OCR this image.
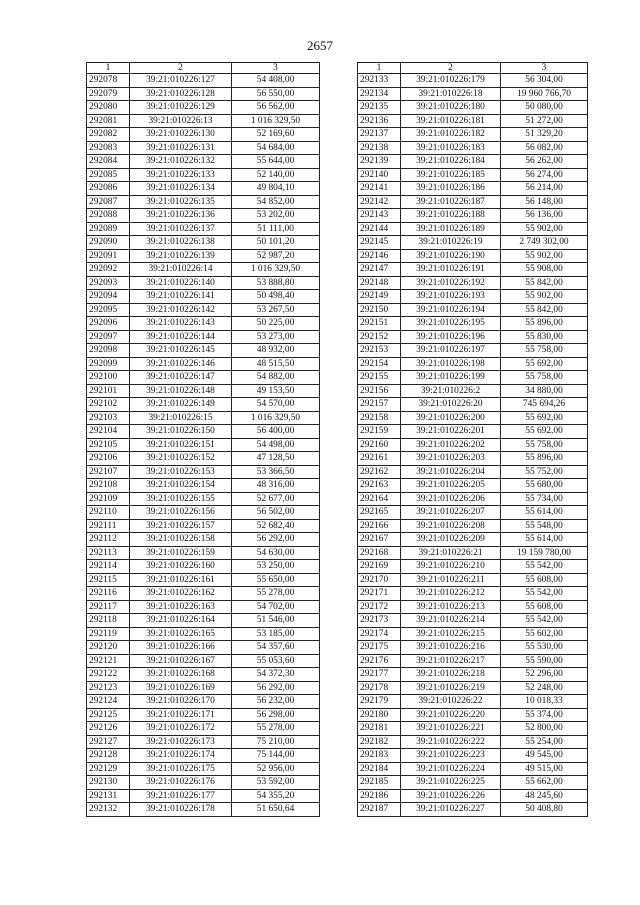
2657
1	2	3
292078	39:21:010226:127	54 408,00
292079	39:21:010226:128	56 550,00
292080	39:21:010226:129	56 562,00
292081	39:21:010226:13	1 016 329,50
292082	39:21:010226:130	52 169,60
292083	39:21:010226:131	54 684,00
292084	39:21:010226:132	55 644,00
292085	39:21:010226:133	52 140,00
292086	39:21:010226:134	49 804,10
292087	39:21:010226:135	54 852,00
292088	39:21:010226:136	53 202,00
292089	39:21:010226:137	51 111,00
292090	39:21:010226:138	50 101,20
292091	39:21:010226:139	52 987,20
292092	39:21:010226:14	1 016 329,50
292093	39:21:010226:140	53 888,80
292094	39:21:010226:141	50 498,40
292095	39:21:010226:142	53 267,50
292096	39:21:010226:143	50 225,00
292097	39:21:010226:144	53 273,00
292098	39:21:010226:145	48 932,00
292099	39:21:010226:146	48 515,50
292100	39:21:010226:147	54 882,00
292101	39:21:010226:148	49 153,50
292102	39:21:010226:149	54 570,00
292103	39:21:010226:15	1 016 329,50
292104	39:21:010226:150	56 400,00
292105	39:21:010226:151	54 498,00
292106	39:21:010226:152	47 128,50
292107	39:21:010226:153	53 366,50
292108	39:21:010226:154	48 316,00
292109	39:21:010226:155	52 677,00
292110	39:21:010226:156	56 502,00
292111	39:21:010226:157	52 682,40
292112	39:21:010226:158	56 292,00
292113	39:21:010226:159	54 630,00
292114	39:21:010226:160	53 250,00
292115	39:21:010226:161	55 650,00
292116	39:21:010226:162	55 278,00
292117	39:21:010226:163	54 702,00
292118	39:21:010226:164	51 546,00
292119	39:21:010226:165	53 185,00
292120	39:21:010226:166	54 357,60
292121	39:21:010226:167	55 053,60
292122	39:21:010226:168	54 372,30
292123	39:21:010226:169	56 292,00
292124	39:21:010226:170	56 232,00
292125	39:21:010226:171	56 298,00
292126	39:21:010226:172	55 278,00
292127	39:21:010226:173	75 210,00
292128	39:21:010226:174	75 144,00
292129	39:21:010226:175	52 956,00
292130	39:21:010226:176	53 592,00
292131	39:21:010226:177	54 355,20
292132	39:21:010226:178	51 650,64
1	2	3
292133	39:21:010226:179	56 304,00
292134	39:21:010226:18	19 960 766,70
292135	39:21:010226:180	50 080,00
292136	39:21:010226:181	51 272,00
292137	39:21:010226:182	51 329,20
292138	39:21:010226:183	56 082,00
292139	39:21:010226:184	56 262,00
292140	39:21:010226:185	56 274,00
292141	39:21:010226:186	56 214,00
292142	39:21:010226:187	56 148,00
292143	39:21:010226:188	56 136,00
292144	39:21:010226:189	55 902,00
292145	39:21:010226:19	2 749 302,00
292146	39:21:010226:190	55 902,00
292147	39:21:010226:191	55 908,00
292148	39:21:010226:192	55 842,00
292149	39:21:010226:193	55 902,00
292150	39:21:010226:194	55 842,00
292151	39:21:010226:195	55 896,00
292152	39:21:010226:196	55 830,00
292153	39:21:010226:197	55 758,00
292154	39:21:010226:198	55 692,00
292155	39:21:010226:199	55 758,00
292156	39:21:010226:2	34 880,00
292157	39:21:010226:20	745 694,26
292158	39:21:010226:200	55 692,00
292159	39:21:010226:201	55 692,00
292160	39:21:010226:202	55 758,00
292161	39:21:010226:203	55 896,00
292162	39:21:010226:204	55 752,00
292163	39:21:010226:205	55 680,00
292164	39:21:010226:206	55 734,00
292165	39:21:010226:207	55 614,00
292166	39:21:010226:208	55 548,00
292167	39:21:010226:209	55 614,00
292168	39:21:010226:21	19 159 780,00
292169	39:21:010226:210	55 542,00
292170	39:21:010226:211	55 608,00
292171	39:21:010226:212	55 542,00
292172	39:21:010226:213	55 608,00
292173	39:21:010226:214	55 542,00
292174	39:21:010226:215	55 602,00
292175	39:21:010226:216	55 530,00
292176	39:21:010226:217	55 590,00
292177	39:21:010226:218	52 296,00
292178	39:21:010226:219	52 248,00
292179	39:21:010226:22	10 018,33
292180	39:21:010226:220	55 374,00
292181	39:21:010226:221	52 800,00
292182	39:21:010226:222	55 254,00
292183	39:21:010226:223	49 545,00
292184	39:21:010226:224	49 515,00
292185	39:21:010226:225	55 662,00
292186	39:21:010226:226	48 245,60
292187	39:21:010226:227	50 408,80
